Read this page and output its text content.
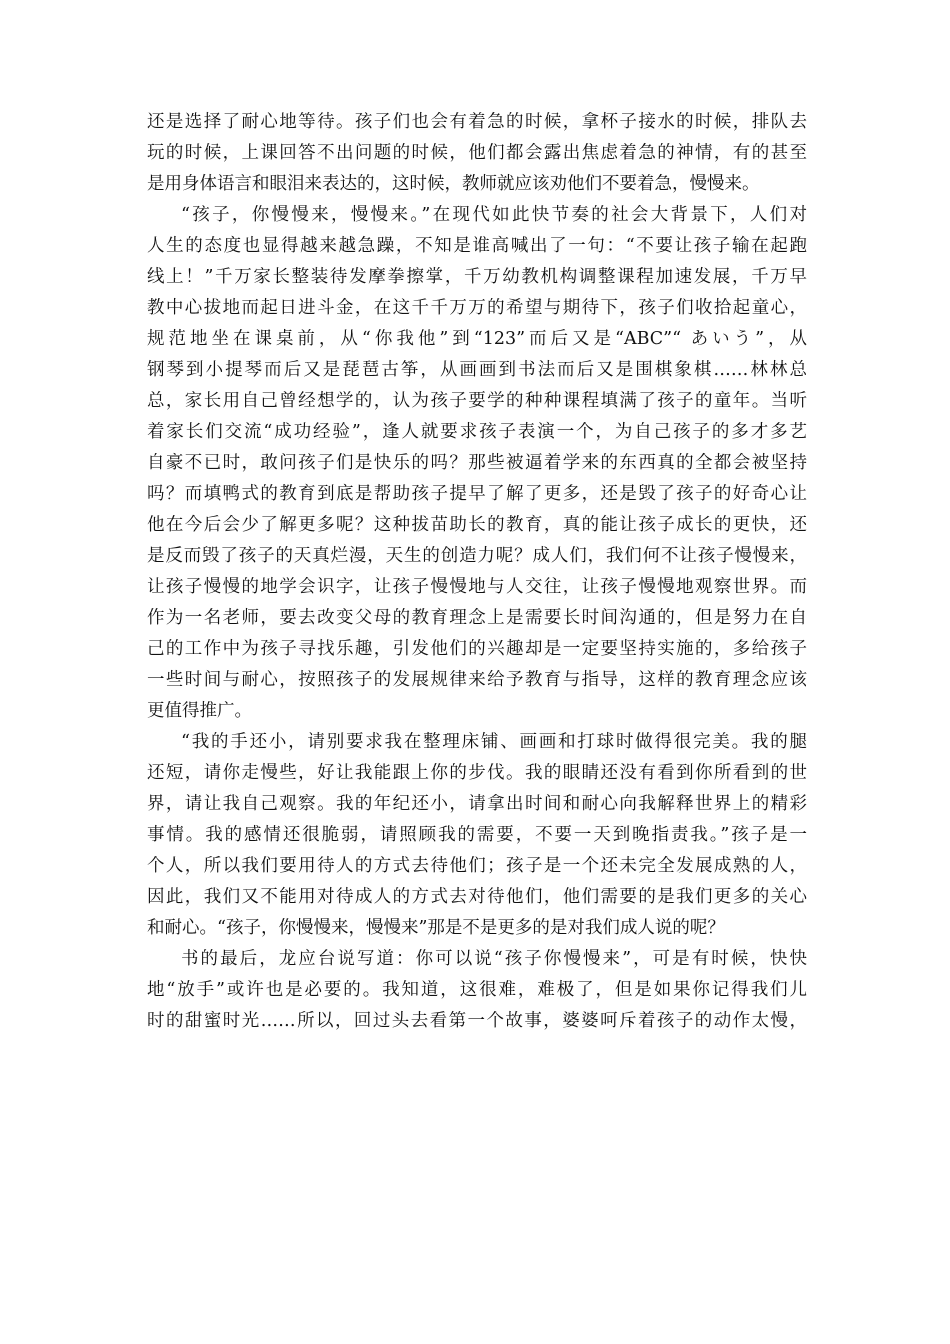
还是选择了耐心地等待。孩子们也会有着急的时候，拿杯子接水的时候，排队去
玩的时候，上课回答不出问题的时候，他们都会露出焦虑着急的神情，有的甚至
是用身体语言和眼泪来表达的，这时候，教师就应该劝他们不要着急，慢慢来。
“孩子，你慢慢来，慢慢来。”在现代如此快节奏的社会大背景下，人们对
人生的态度也显得越来越急躁，不知是谁高喊出了一句：“不要让孩子输在起跑
线上！”千万家长整装待发摩拳擦掌，千万幼教机构调整课程加速发展，千万早
教中心拔地而起日进斗金，在这千千万万的希望与期待下，孩子们收拾起童心，
规范地坐在课桌前，从“你我他”到“123”而后又是“ABC”“ あいう”，从
钢琴到小提琴而后又是琵琶古筝，从画画到书法而后又是围棋象棋……林林总
总，家长用自己曾经想学的，认为孩子要学的种种课程填满了孩子的童年。当听
着家长们交流“成功经验”，逢人就要求孩子表演一个，为自己孩子的多才多艺
自豪不已时，敢问孩子们是快乐的吗？那些被逼着学来的东西真的全都会被坚持
吗？而填鸭式的教育到底是帮助孩子提早了解了更多，还是毁了孩子的好奇心让
他在今后会少了解更多呢？这种拔苗助长的教育，真的能让孩子成长的更快，还
是反而毁了孩子的天真烂漫，天生的创造力呢？成人们，我们何不让孩子慢慢来，
让孩子慢慢的地学会识字，让孩子慢慢地与人交往，让孩子慢慢地观察世界。而
作为一名老师，要去改变父母的教育理念上是需要长时间沟通的，但是努力在自
己的工作中为孩子寻找乐趣，引发他们的兴趣却是一定要坚持实施的，多给孩子
一些时间与耐心，按照孩子的发展规律来给予教育与指导，这样的教育理念应该
更值得推广。
“我的手还小，请别要求我在整理床铺、画画和打球时做得很完美。我的腿
还短，请你走慢些，好让我能跟上你的步伐。我的眼睛还没有看到你所看到的世
界，请让我自己观察。我的年纪还小，请拿出时间和耐心向我解释世界上的精彩
事情。我的感情还很脆弱，请照顾我的需要，不要一天到晚指责我。”孩子是一
个人，所以我们要用待人的方式去待他们；孩子是一个还未完全发展成熟的人，
因此，我们又不能用对待成人的方式去对待他们，他们需要的是我们更多的关心
和耐心。“孩子，你慢慢来，慢慢来”那是不是更多的是对我们成人说的呢？
书的最后，龙应台说写道：你可以说“孩子你慢慢来”，可是有时候，快快
地“放手”或许也是必要的。我知道，这很难，难极了，但是如果你记得我们儿
时的甜蜜时光……所以，回过头去看第一个故事，婆婆呵斥着孩子的动作太慢，
